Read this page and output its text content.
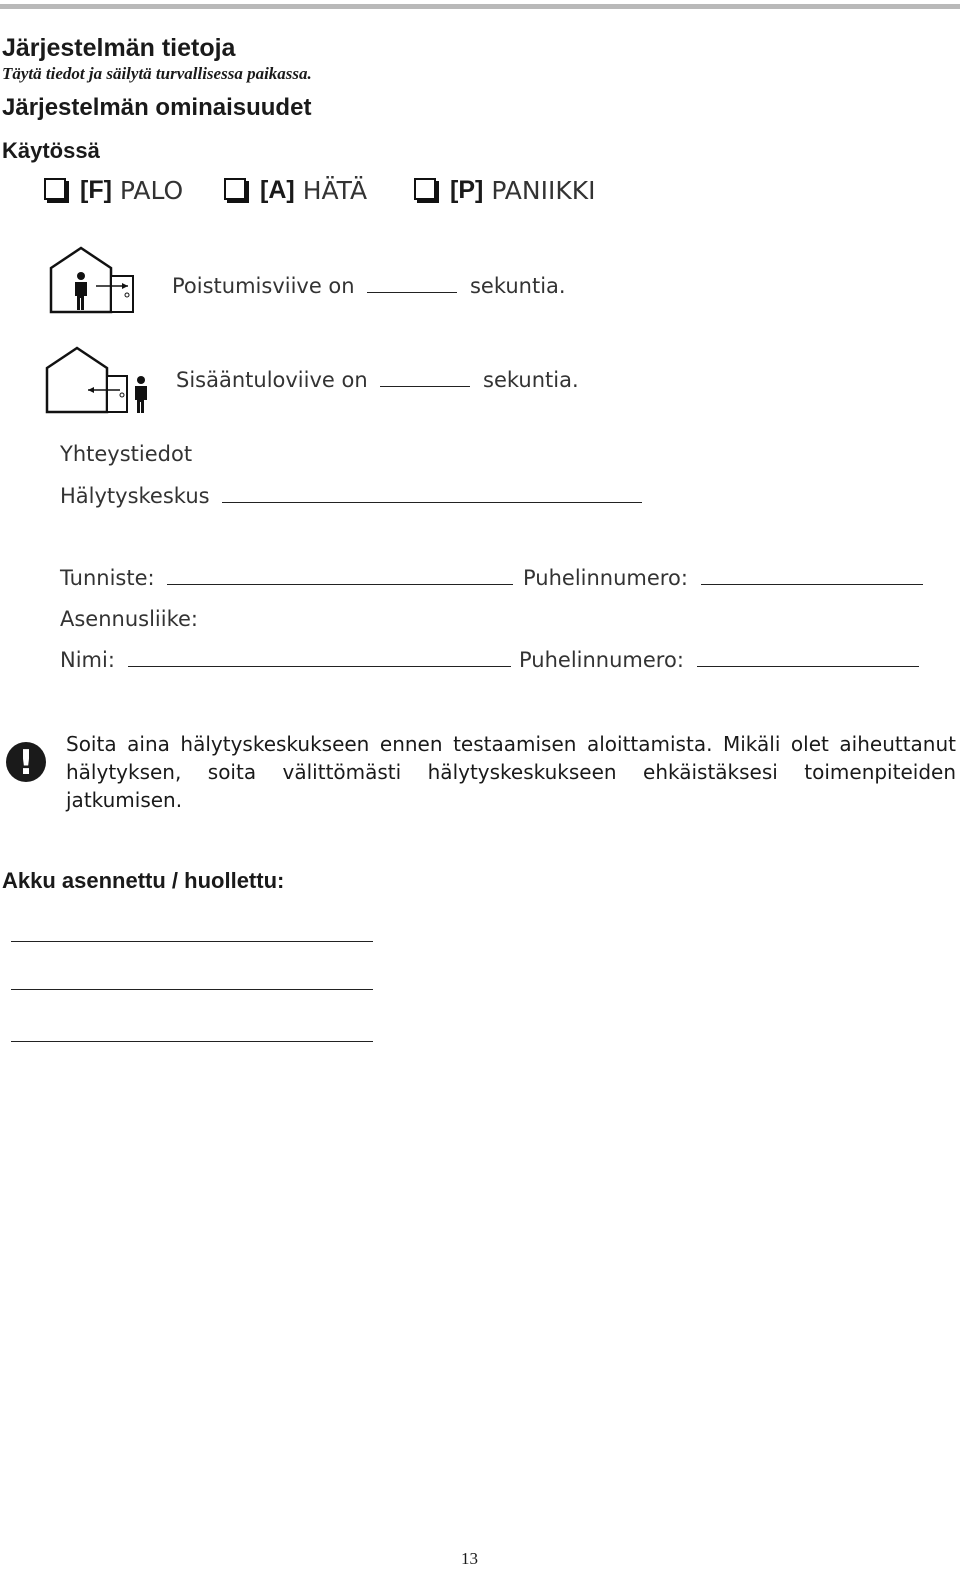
Järjestelmän tietoja
Täytä tiedot ja säilytä turvallisessa paikassa.
Järjestelmän ominaisuudet
Käytössä
[F] PALO	[A] HÄTÄ	[P] PANIIKKI
Poistumisviive on	sekuntia.
Sisääntuloviive on	sekuntia.
Yhteystiedot
Hälytyskeskus
Tunniste:	Puhelinnumero:
Asennusliike:
Nimi:	Puhelinnumero:
!	Soita aina hälytyskeskukseen ennen testaamisen aloittamista. Mikäli olet aiheuttanut hälytyksen, soita välittömästi hälytyskeskukseen ehkäistäksesi toimenpiteiden jatkumisen.
Akku asennettu / huollettu:
13
